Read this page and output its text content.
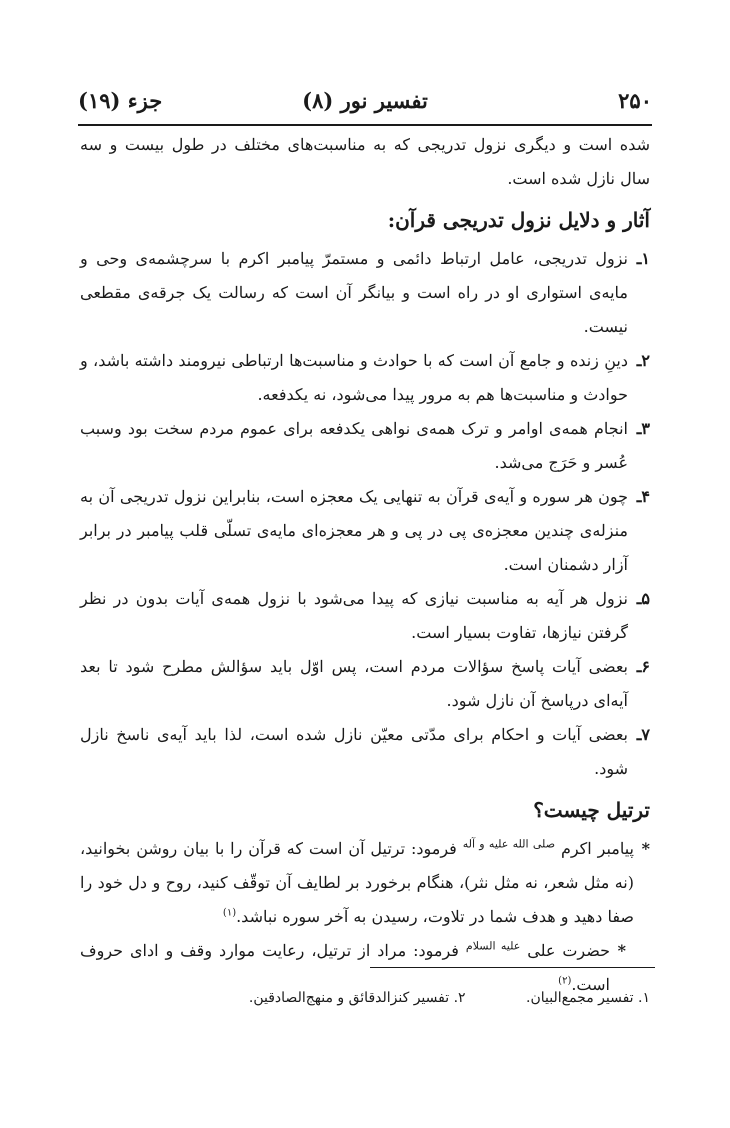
۲۵۰
تفسیر نور (۸)
جزء (۱۹)

شده است و دیگری نزول تدریجی که به مناسبت‌های مختلف در طول بیست و سه سال نازل شده است.

آثار و دلایل نزول تدریجی قرآن:

۱ـ
نزول تدریجی، عامل ارتباط دائمی و مستمرّ پیامبر اکرم با سرچشمه‌ی وحی و مایه‌ی استواری او در راه است و بیانگر آن است که رسالت یک جرقه‌ی مقطعی نیست.

۲ـ
دینِ زنده و جامع آن است که با حوادث و مناسبت‌ها ارتباطی نیرومند داشته باشد، و حوادث و مناسبت‌ها هم به مرور پیدا می‌شود، نه یکدفعه.

۳ـ
انجام همه‌ی اوامر و ترک همه‌ی نواهی یکدفعه برای عموم مردم سخت بود وسبب عُسر و حَرَج می‌شد.

۴ـ
چون هر سوره و آیه‌ی قرآن به تنهایی یک معجزه است، بنابراین نزول تدریجی آن به منزله‌ی چندین معجزه‌ی پی در پی و هر معجزه‌ای مایه‌ی تسلّی قلب پیامبر در برابر آزار دشمنان است.

۵ـ
نزول هر آیه به مناسبت نیازی که پیدا می‌شود با نزول همه‌ی آیات بدون در نظر گرفتن نیازها، تفاوت بسیار است.

۶ـ
بعضی آیات پاسخ سؤالات مردم است، پس اوّل باید سؤالش مطرح شود تا بعد آیه‌ای درپاسخ آن نازل شود.

۷ـ
بعضی آیات و احکام برای مدّتی معیّن نازل شده است، لذا باید آیه‌ی ناسخ نازل شود.

ترتیل چیست؟

*
پیامبر اکرم $^{صلی الله علیه و آله}$ فرمود: ترتیل آن است که قرآن را با بیان روشن بخوانید، (نه مثل شعر، نه مثل نثر)، هنگام برخورد بر لطایف آن توقّف کنید، روح و دل خود را صفا دهید و هدف شما در تلاوت، رسیدن به آخر سوره نباشد.$^{(۱)}$

*
حضرت علی $^{علیه السلام}$ فرمود: مراد از ترتیل، رعایت موارد وقف و ادای حروف است.$^{(۲)}$

۱. تفسیر مجمع‌البیان. ۲. تفسیر کنزالدقائق و منهج‌الصادقین.
